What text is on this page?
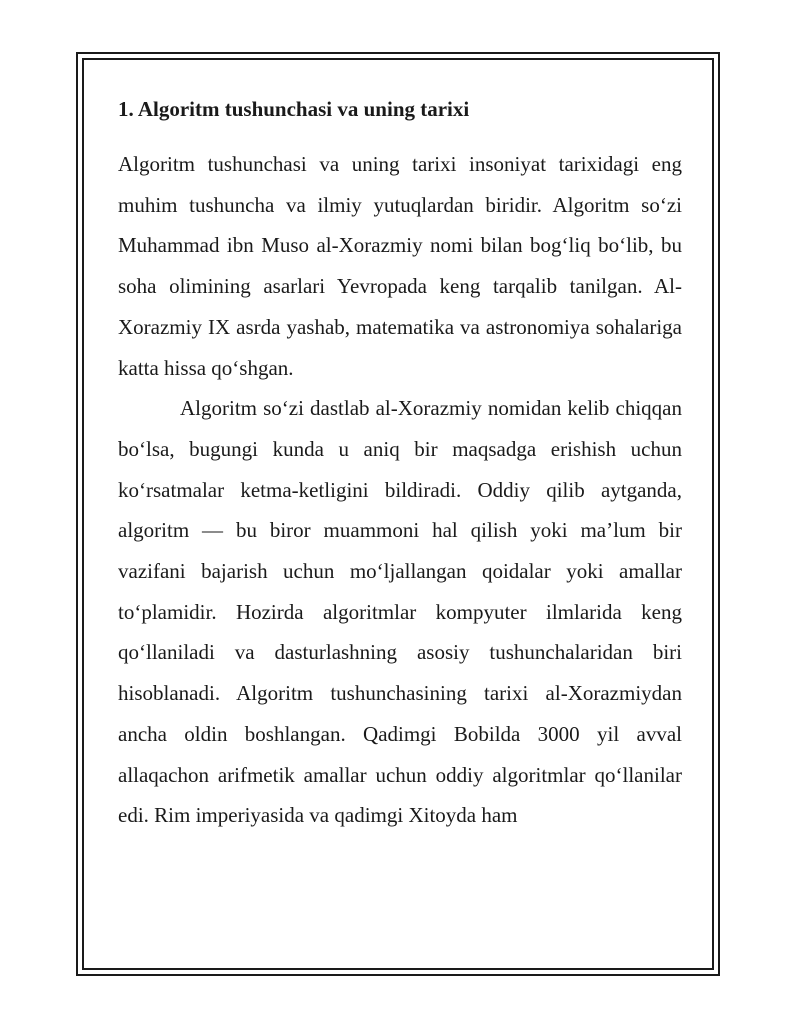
1. Algoritm tushunchasi va uning tarixi

Algoritm tushunchasi va uning tarixi insoniyat tarixidagi eng muhim tushuncha va ilmiy yutuqlardan biridir. Algoritm so‘zi Muhammad ibn Muso al-Xorazmiy nomi bilan bog‘liq bo‘lib, bu soha olimining asarlari Yevropada keng tarqalib tanilgan. Al-Xorazmiy IX asrda yashab, matematika va astronomiya sohalariga katta hissa qo‘shgan.

Algoritm so‘zi dastlab al-Xorazmiy nomidan kelib chiqqan bo‘lsa, bugungi kunda u aniq bir maqsadga erishish uchun ko‘rsatmalar ketma-ketligini bildiradi. Oddiy qilib aytganda, algoritm — bu biror muammoni hal qilish yoki ma’lum bir vazifani bajarish uchun mo‘ljallangan qoidalar yoki amallar to‘plamidir. Hozirda algoritmlar kompyuter ilmlarida keng qo‘llaniladi va dasturlashning asosiy tushunchalaridan biri hisoblanadi. Algoritm tushunchasining tarixi al-Xorazmiydan ancha oldin boshlangan. Qadimgi Bobilda 3000 yil avval allaqachon arifmetik amallar uchun oddiy algoritmlar qo‘llanilar edi. Rim imperiyasida va qadimgi Xitoyda ham
